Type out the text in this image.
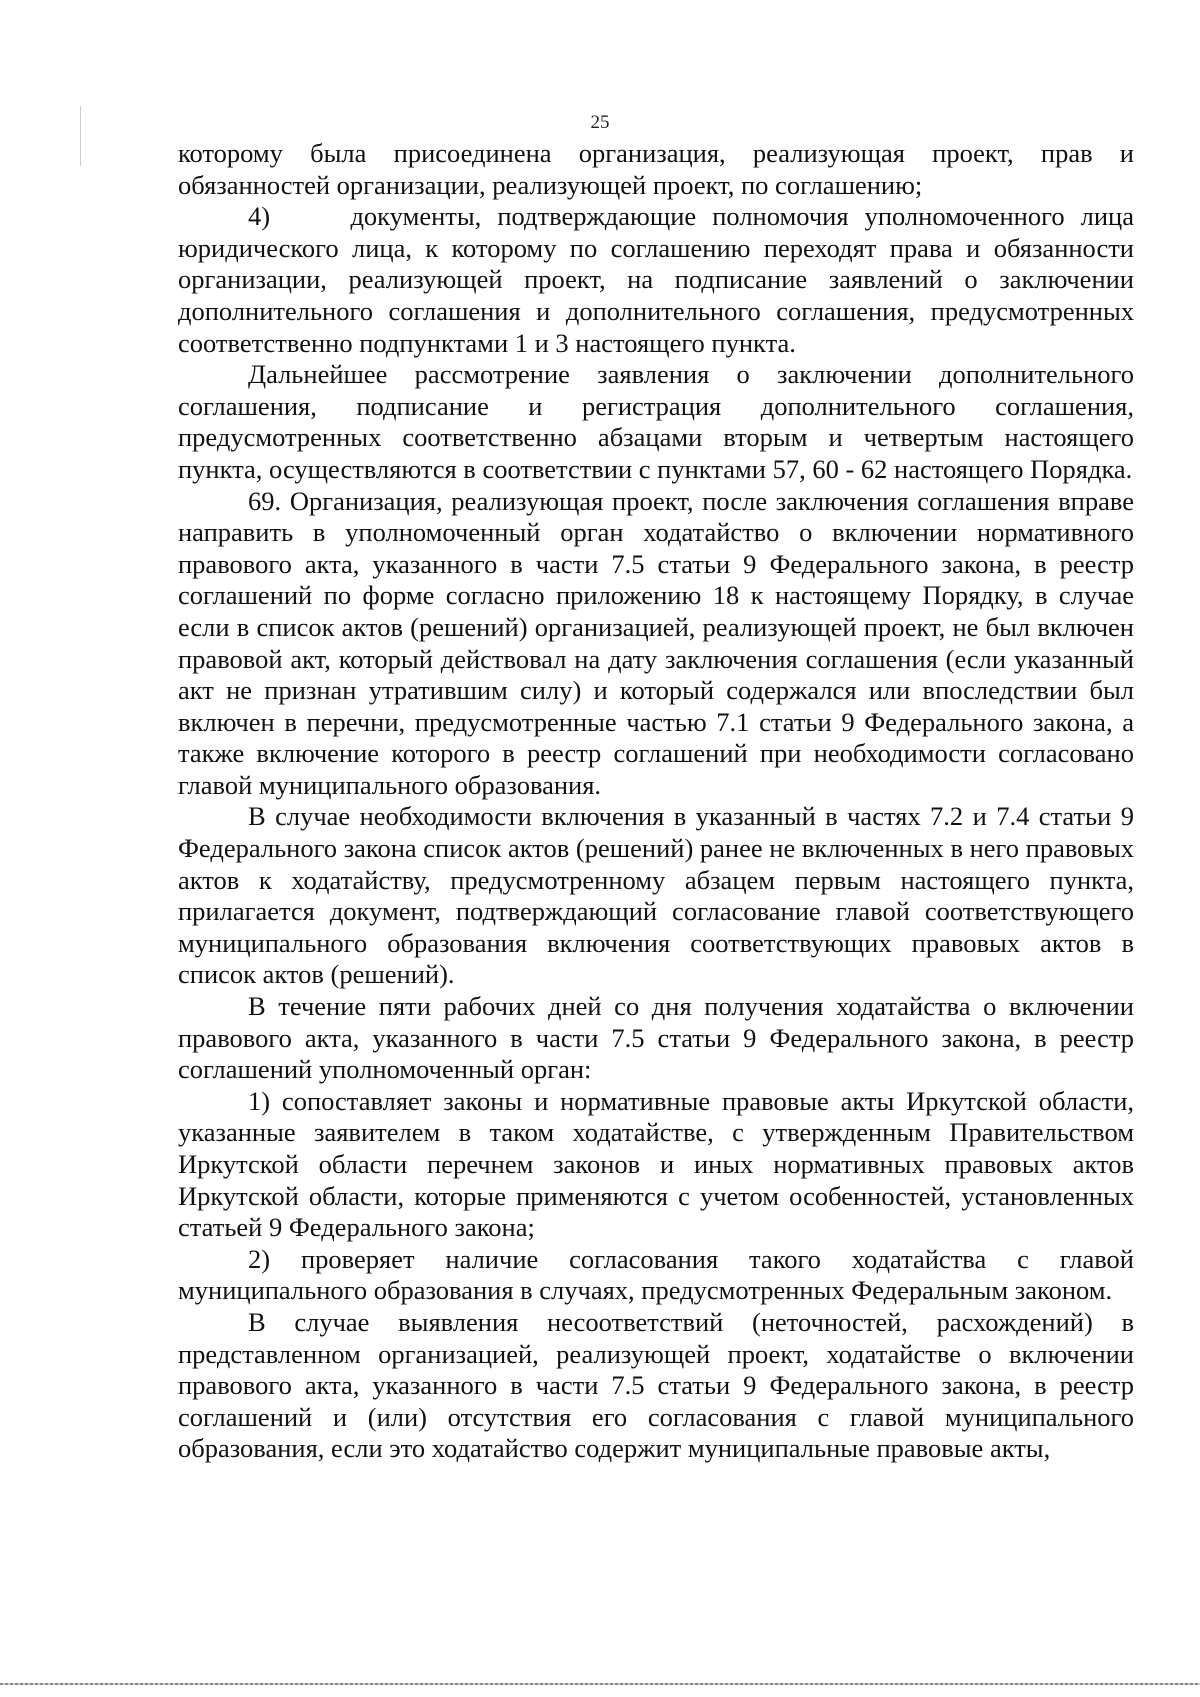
25

которому была присоединена организация, реализующая проект, прав и обязанностей организации, реализующей проект, по соглашению;

4)     документы, подтверждающие полномочия уполномоченного лица юридического лица, к которому по соглашению переходят права и обязанности организации, реализующей проект, на подписание заявлений о заключении дополнительного соглашения и дополнительного соглашения, предусмотренных соответственно подпунктами 1 и 3 настоящего пункта.

Дальнейшее рассмотрение заявления о заключении дополнительного соглашения, подписание и регистрация дополнительного соглашения, предусмотренных соответственно абзацами вторым и четвертым настоящего пункта, осуществляются в соответствии с пунктами 57, 60 - 62 настоящего Порядка.

69. Организация, реализующая проект, после заключения соглашения вправе направить в уполномоченный орган ходатайство о включении нормативного правового акта, указанного в части 7.5 статьи 9 Федерального закона, в реестр соглашений по форме согласно приложению 18 к настоящему Порядку, в случае если в список актов (решений) организацией, реализующей проект, не был включен правовой акт, который действовал на дату заключения соглашения (если указанный акт не признан утратившим силу) и который содержался или впоследствии был включен в перечни, предусмотренные частью 7.1 статьи 9 Федерального закона, а также включение которого в реестр соглашений при необходимости согласовано главой муниципального образования.

В случае необходимости включения в указанный в частях 7.2 и 7.4 статьи 9 Федерального закона список актов (решений) ранее не включенных в него правовых актов к ходатайству, предусмотренному абзацем первым настоящего пункта, прилагается документ, подтверждающий согласование главой соответствующего муниципального образования включения соответствующих правовых актов в список актов (решений).

В течение пяти рабочих дней со дня получения ходатайства о включении правового акта, указанного в части 7.5 статьи 9 Федерального закона, в реестр соглашений уполномоченный орган:

1) сопоставляет законы и нормативные правовые акты Иркутской области, указанные заявителем в таком ходатайстве, с утвержденным Правительством Иркутской области перечнем законов и иных нормативных правовых актов Иркутской области, которые применяются с учетом особенностей, установленных статьей 9 Федерального закона;

2) проверяет наличие согласования такого ходатайства с главой муниципального образования в случаях, предусмотренных Федеральным законом.

В случае выявления несоответствий (неточностей, расхождений) в представленном организацией, реализующей проект, ходатайстве о включении правового акта, указанного в части 7.5 статьи 9 Федерального закона, в реестр соглашений и (или) отсутствия его согласования с главой муниципального образования, если это ходатайство содержит муниципальные правовые акты,
